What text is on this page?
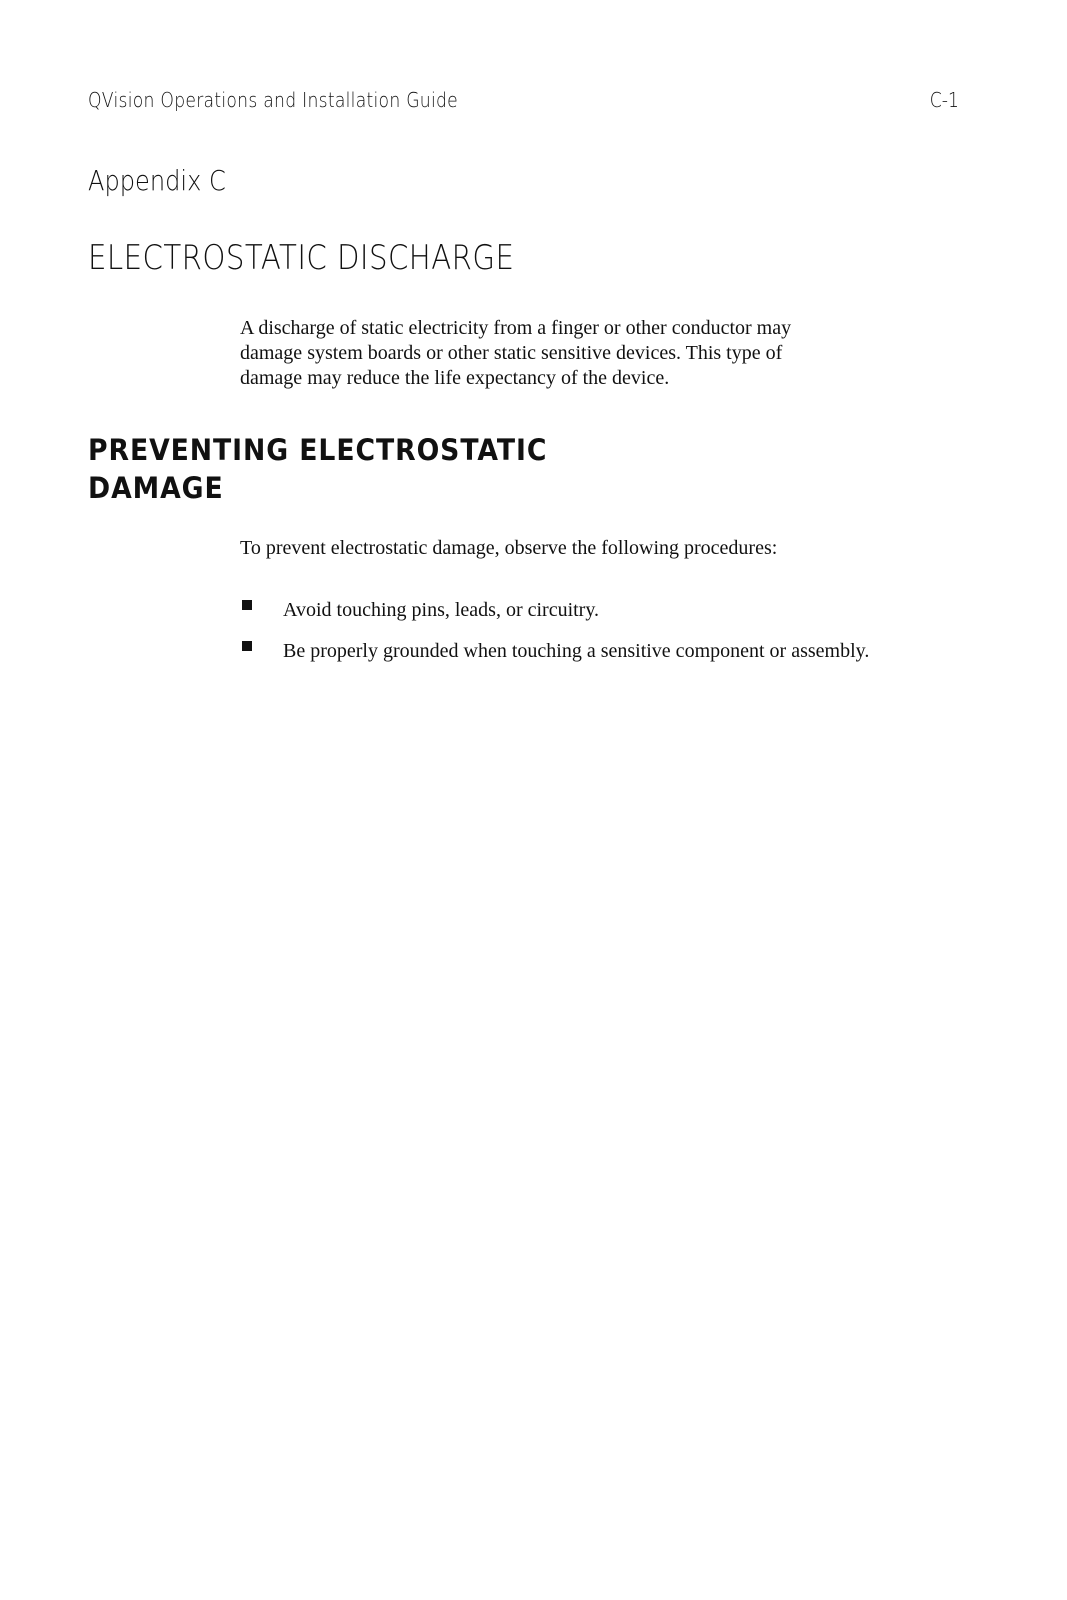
QVision Operations and Installation Guide	C-1
Appendix C
ELECTROSTATIC DISCHARGE

A discharge of static electricity from a finger or other conductor may
damage system boards or other static sensitive devices. This type of
damage may reduce the life expectancy of the device.

PREVENTING ELECTROSTATIC
DAMAGE

To prevent electrostatic damage, observe the following procedures:

Avoid touching pins, leads, or circuitry.
Be properly grounded when touching a sensitive component or assembly.
